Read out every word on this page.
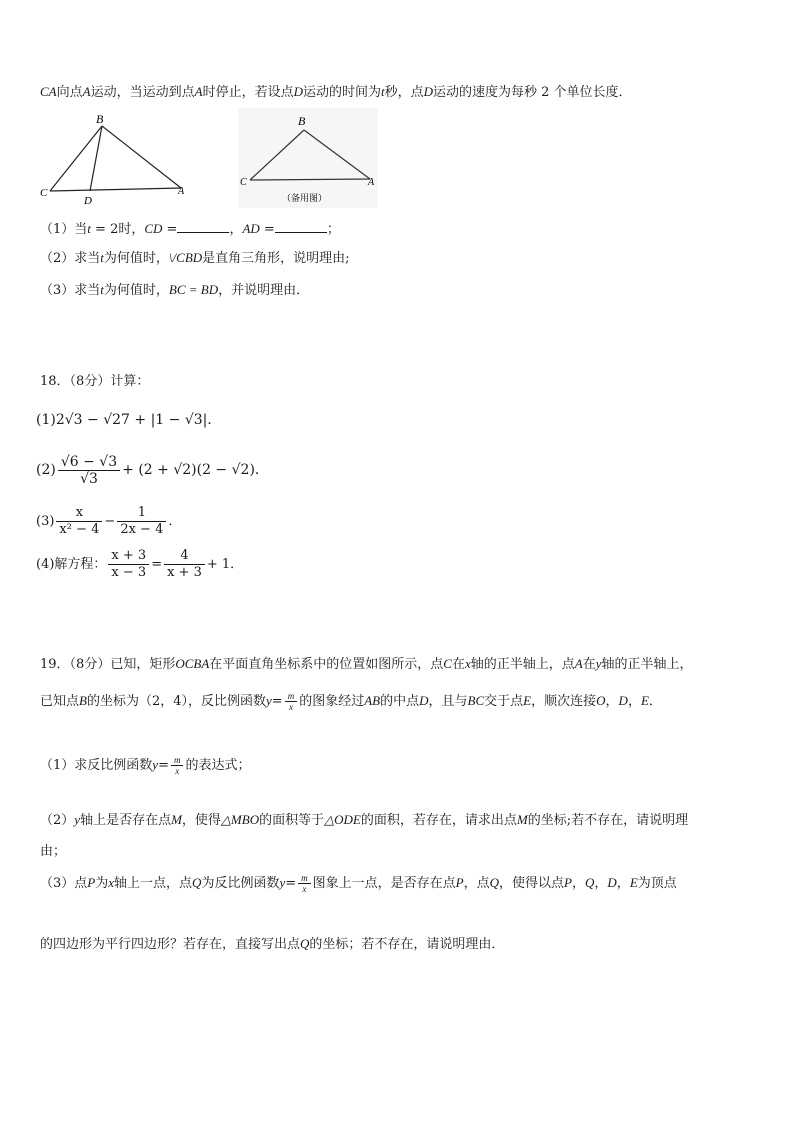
CA向点A运动，当运动到点A时停止，若设点D运动的时间为t秒，点D运动的速度为每秒 2 个单位长度．
B
C
D
A
B
C	A
（备用图）
（1）当t = 2时，CD =	，AD =	；
（2）求当t为何值时，\/CBD是直角三角形，说明理由;
（3）求当t为何值时，BC = BD，并说明理由．
18．（8分）计算：
(1)2√3 − √27 + |1 − √3|．
$(2) \frac{√6 - √3}{√3} + (2 + √2)(2 - √2)$．
$(3) \frac{x}{\text{x² − 4}} - \frac{1}{2x - 4}$ ．
(4)解方程： $\frac{x + 3}{x - 3} = \frac{4}{x + 3} + 1$．
19．（8分）已知，矩形OCBA在平面直角坐标系中的位置如图所示，点C在x轴的正半轴上，点A在y轴的正半轴上，
已知点B的坐标为（2，4），反比例函数$y= \frac{m}{x}$ 的图象经过AB的中点D，且与BC交于点E，顺次连接O，D，E．
（1）求反比例函数$y= \frac{m}{x}$ 的表达式；
（2）y轴上是否存在点M，使得△MBO的面积等于△ODE的面积，若存在，请求出点M的坐标;若不存在，请说明理
由；
（3）点P为x轴上一点，点Q为反比例函数$y= \frac{m}{x}$ 图象上一点，是否存在点P，点Q，使得以点P，Q，D，E为顶点
的四边形为平行四边形？若存在，直接写出点Q的坐标；若不存在，请说明理由．
